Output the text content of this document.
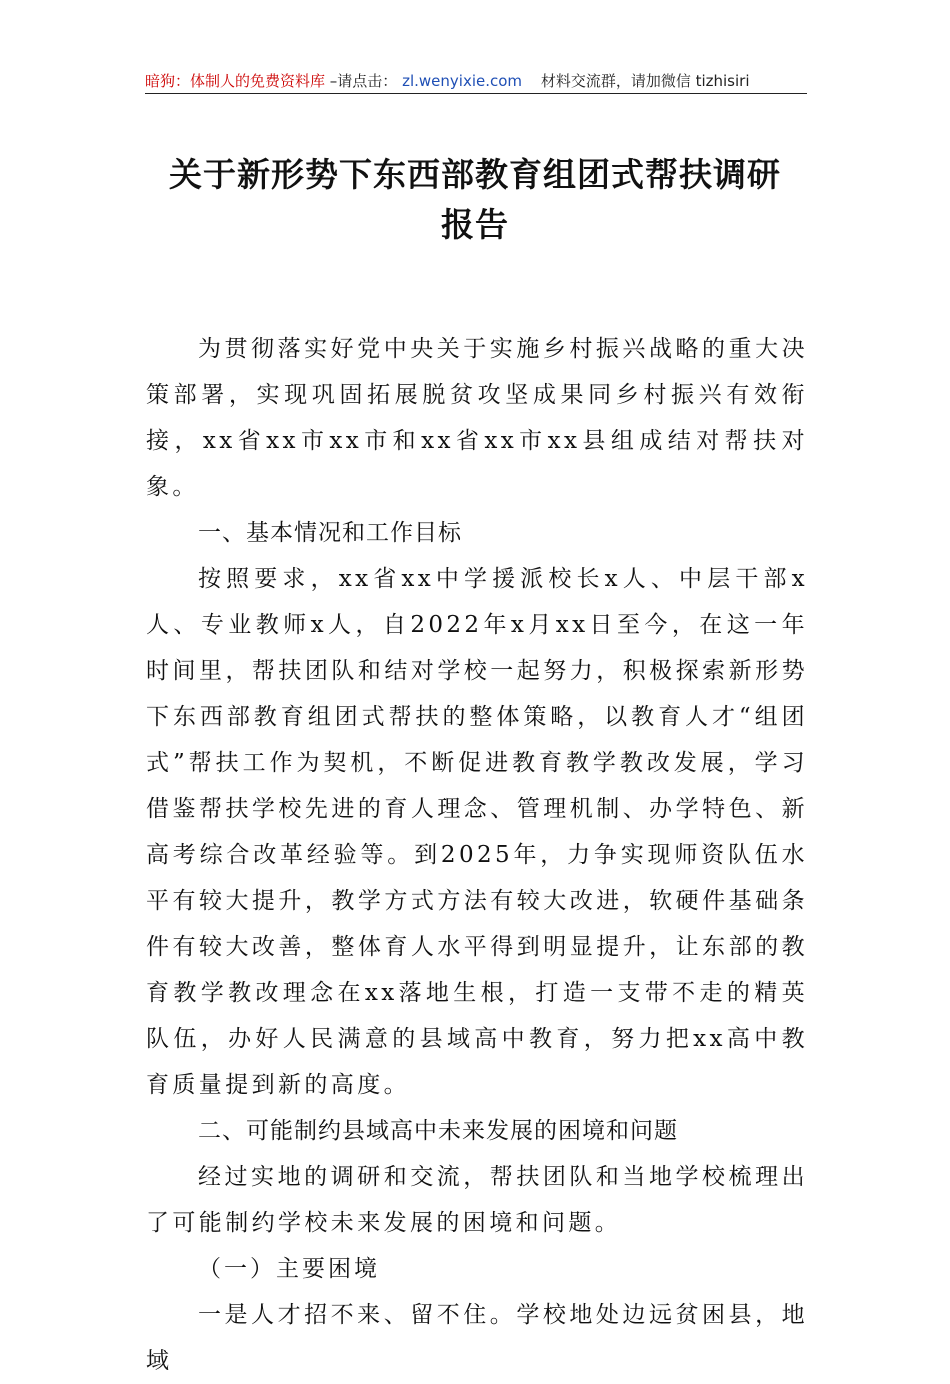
暗狗：体制人的免费资料库 –请点击： zl.wenyixie.com 材料交流群，请加微信 tizhisiri
关于新形势下东西部教育组团式帮扶调研
报告

为贯彻落实好党中央关于实施乡村振兴战略的重大决策部署，实现巩固拓展脱贫攻坚成果同乡村振兴有效衔接，xx省xx市xx市和xx省xx市xx县组成结对帮扶对象。

一、基本情况和工作目标

按照要求，xx省xx中学援派校长x人、中层干部x人、专业教师x人，自2022年x月xx日至今，在这一年时间里，帮扶团队和结对学校一起努力，积极探索新形势下东西部教育组团式帮扶的整体策略，以教育人才“组团式”帮扶工作为契机，不断促进教育教学教改发展，学习借鉴帮扶学校先进的育人理念、管理机制、办学特色、新高考综合改革经验等。到2025年，力争实现师资队伍水平有较大提升，教学方式方法有较大改进，软硬件基础条件有较大改善，整体育人水平得到明显提升，让东部的教育教学教改理念在xx落地生根，打造一支带不走的精英队伍，办好人民满意的县域高中教育，努力把xx高中教育质量提到新的高度。

二、可能制约县域高中未来发展的困境和问题

经过实地的调研和交流，帮扶团队和当地学校梳理出了可能制约学校未来发展的困境和问题。

（一）主要困境

一是人才招不来、留不住。学校地处边远贫困县，地域
